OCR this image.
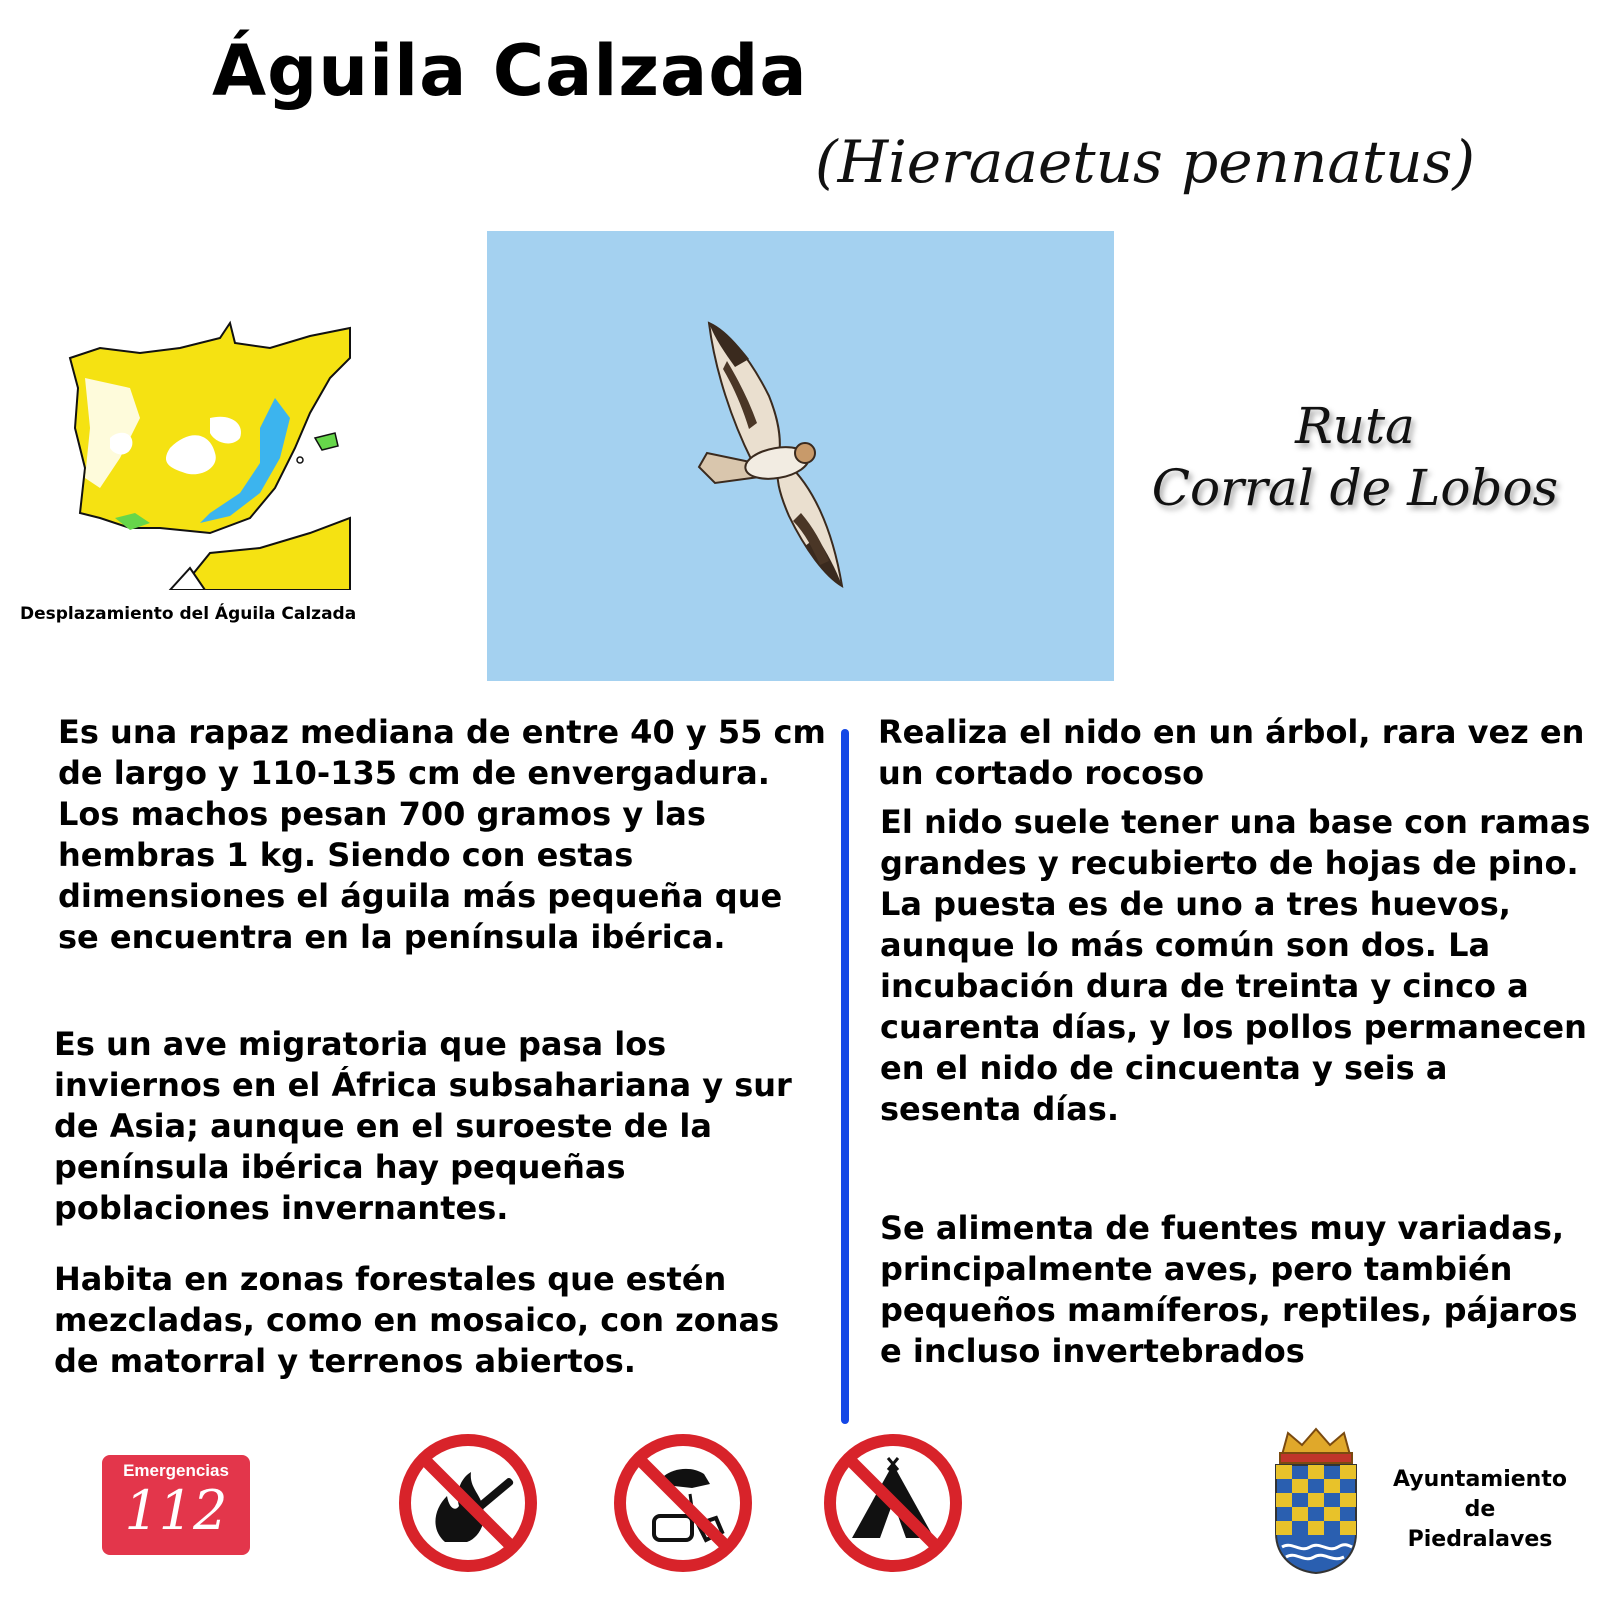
Águila Calzada
(Hieraaetus pennatus)
Desplazamiento del Águila Calzada
Ruta
Corral de Lobos

Es una rapaz mediana de entre 40 y 55 cm de largo y 110-135 cm de envergadura. Los machos pesan 700 gramos y las hembras 1 kg. Siendo con estas dimensiones el águila más pequeña que se encuentra en la península ibérica.

Es un ave migratoria que pasa los inviernos en el África subsahariana y sur de Asia; aunque en el suroeste de la península ibérica hay pequeñas poblaciones invernantes.

Habita en zonas forestales que estén mezcladas, como en mosaico, con zonas de matorral y terrenos abiertos.

Realiza el nido en un árbol, rara vez en un cortado rocoso

El nido suele tener una base con ramas grandes y recubierto de hojas de pino. La puesta es de uno a tres huevos, aunque lo más común son dos. La incubación dura de treinta y cinco a cuarenta días, y los pollos permanecen en el nido de cincuenta y seis a sesenta días.

Se alimenta de fuentes muy variadas, principalmente aves, pero también pequeños mamíferos, reptiles, pájaros e incluso invertebrados

Emergencias
112	Ayuntamiento
de
Piedralaves
